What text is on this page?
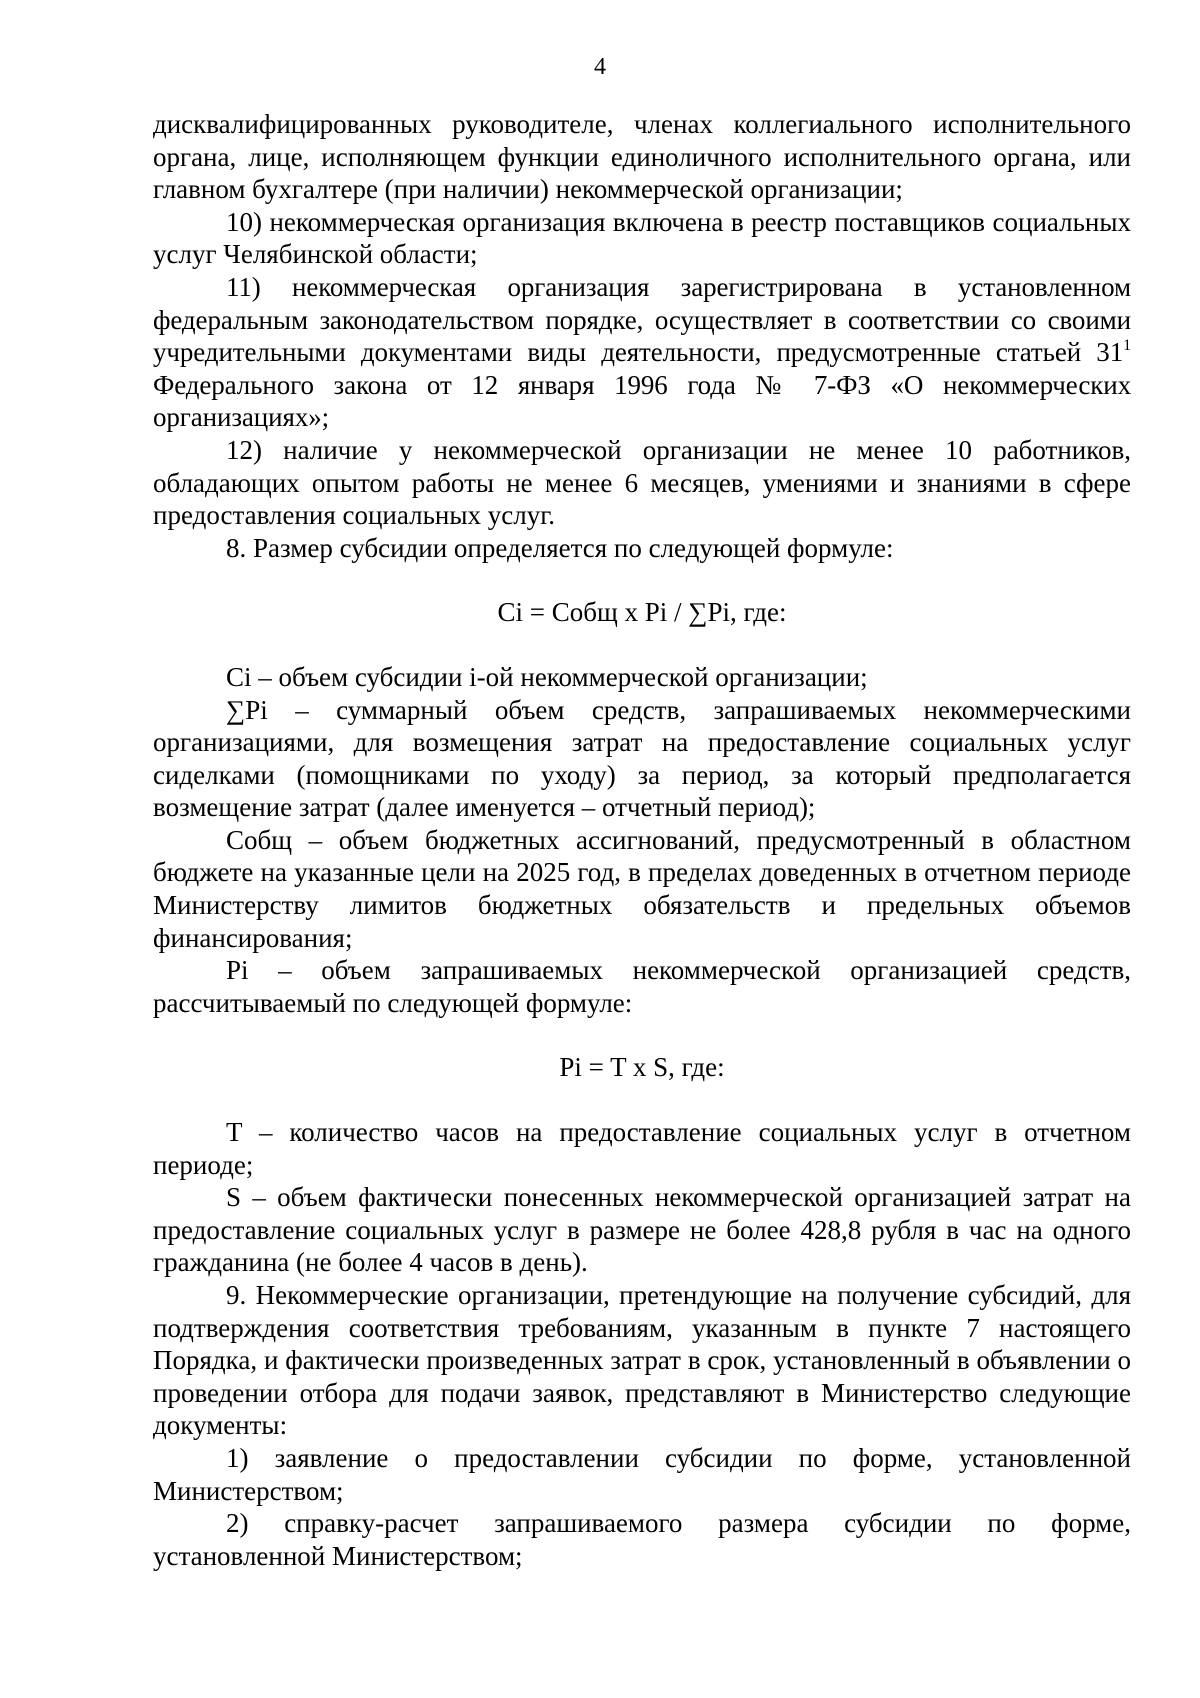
4

дисквалифицированных руководителе, членах коллегиального исполнительного органа, лице, исполняющем функции единоличного исполнительного органа, или главном бухгалтере (при наличии) некоммерческой организации;

10) некоммерческая организация включена в реестр поставщиков социальных услуг Челябинской области;

11) некоммерческая организация зарегистрирована в установленном федеральным законодательством порядке, осуществляет в соответствии со своими учредительными документами виды деятельности, предусмотренные статьей $31^1$ Федерального закона от 12 января 1996 года № 7-ФЗ «О некоммерческих организациях»;

12) наличие у некоммерческой организации не менее 10 работников, обладающих опытом работы не менее 6 месяцев, умениями и знаниями в сфере предоставления социальных услуг.

8. Размер субсидии определяется по следующей формуле:

Ci = Cобщ x Pi / ∑Pi, где:

Ci – объем субсидии i-ой некоммерческой организации;

∑Pi – суммарный объем средств, запрашиваемых некоммерческими организациями, для возмещения затрат на предоставление социальных услуг сиделками (помощниками по уходу) за период, за который предполагается возмещение затрат (далее именуется – отчетный период);

Cобщ – объем бюджетных ассигнований, предусмотренный в областном бюджете на указанные цели на 2025 год, в пределах доведенных в отчетном периоде Министерству лимитов бюджетных обязательств и предельных объемов финансирования;

Pi – объем запрашиваемых некоммерческой организацией средств, рассчитываемый по следующей формуле:

Pi = T x S, где:

T – количество часов на предоставление социальных услуг в отчетном периоде;

S – объем фактически понесенных некоммерческой организацией затрат на предоставление социальных услуг в размере не более 428,8 рубля в час на одного гражданина (не более 4 часов в день).

9. Некоммерческие организации, претендующие на получение субсидий, для подтверждения соответствия требованиям, указанным в пункте 7 настоящего Порядка, и фактически произведенных затрат в срок, установленный в объявлении о проведении отбора для подачи заявок, представляют в Министерство следующие документы:

1) заявление о предоставлении субсидии по форме, установленной Министерством;

2) справку-расчет запрашиваемого размера субсидии по форме, установленной Министерством;
